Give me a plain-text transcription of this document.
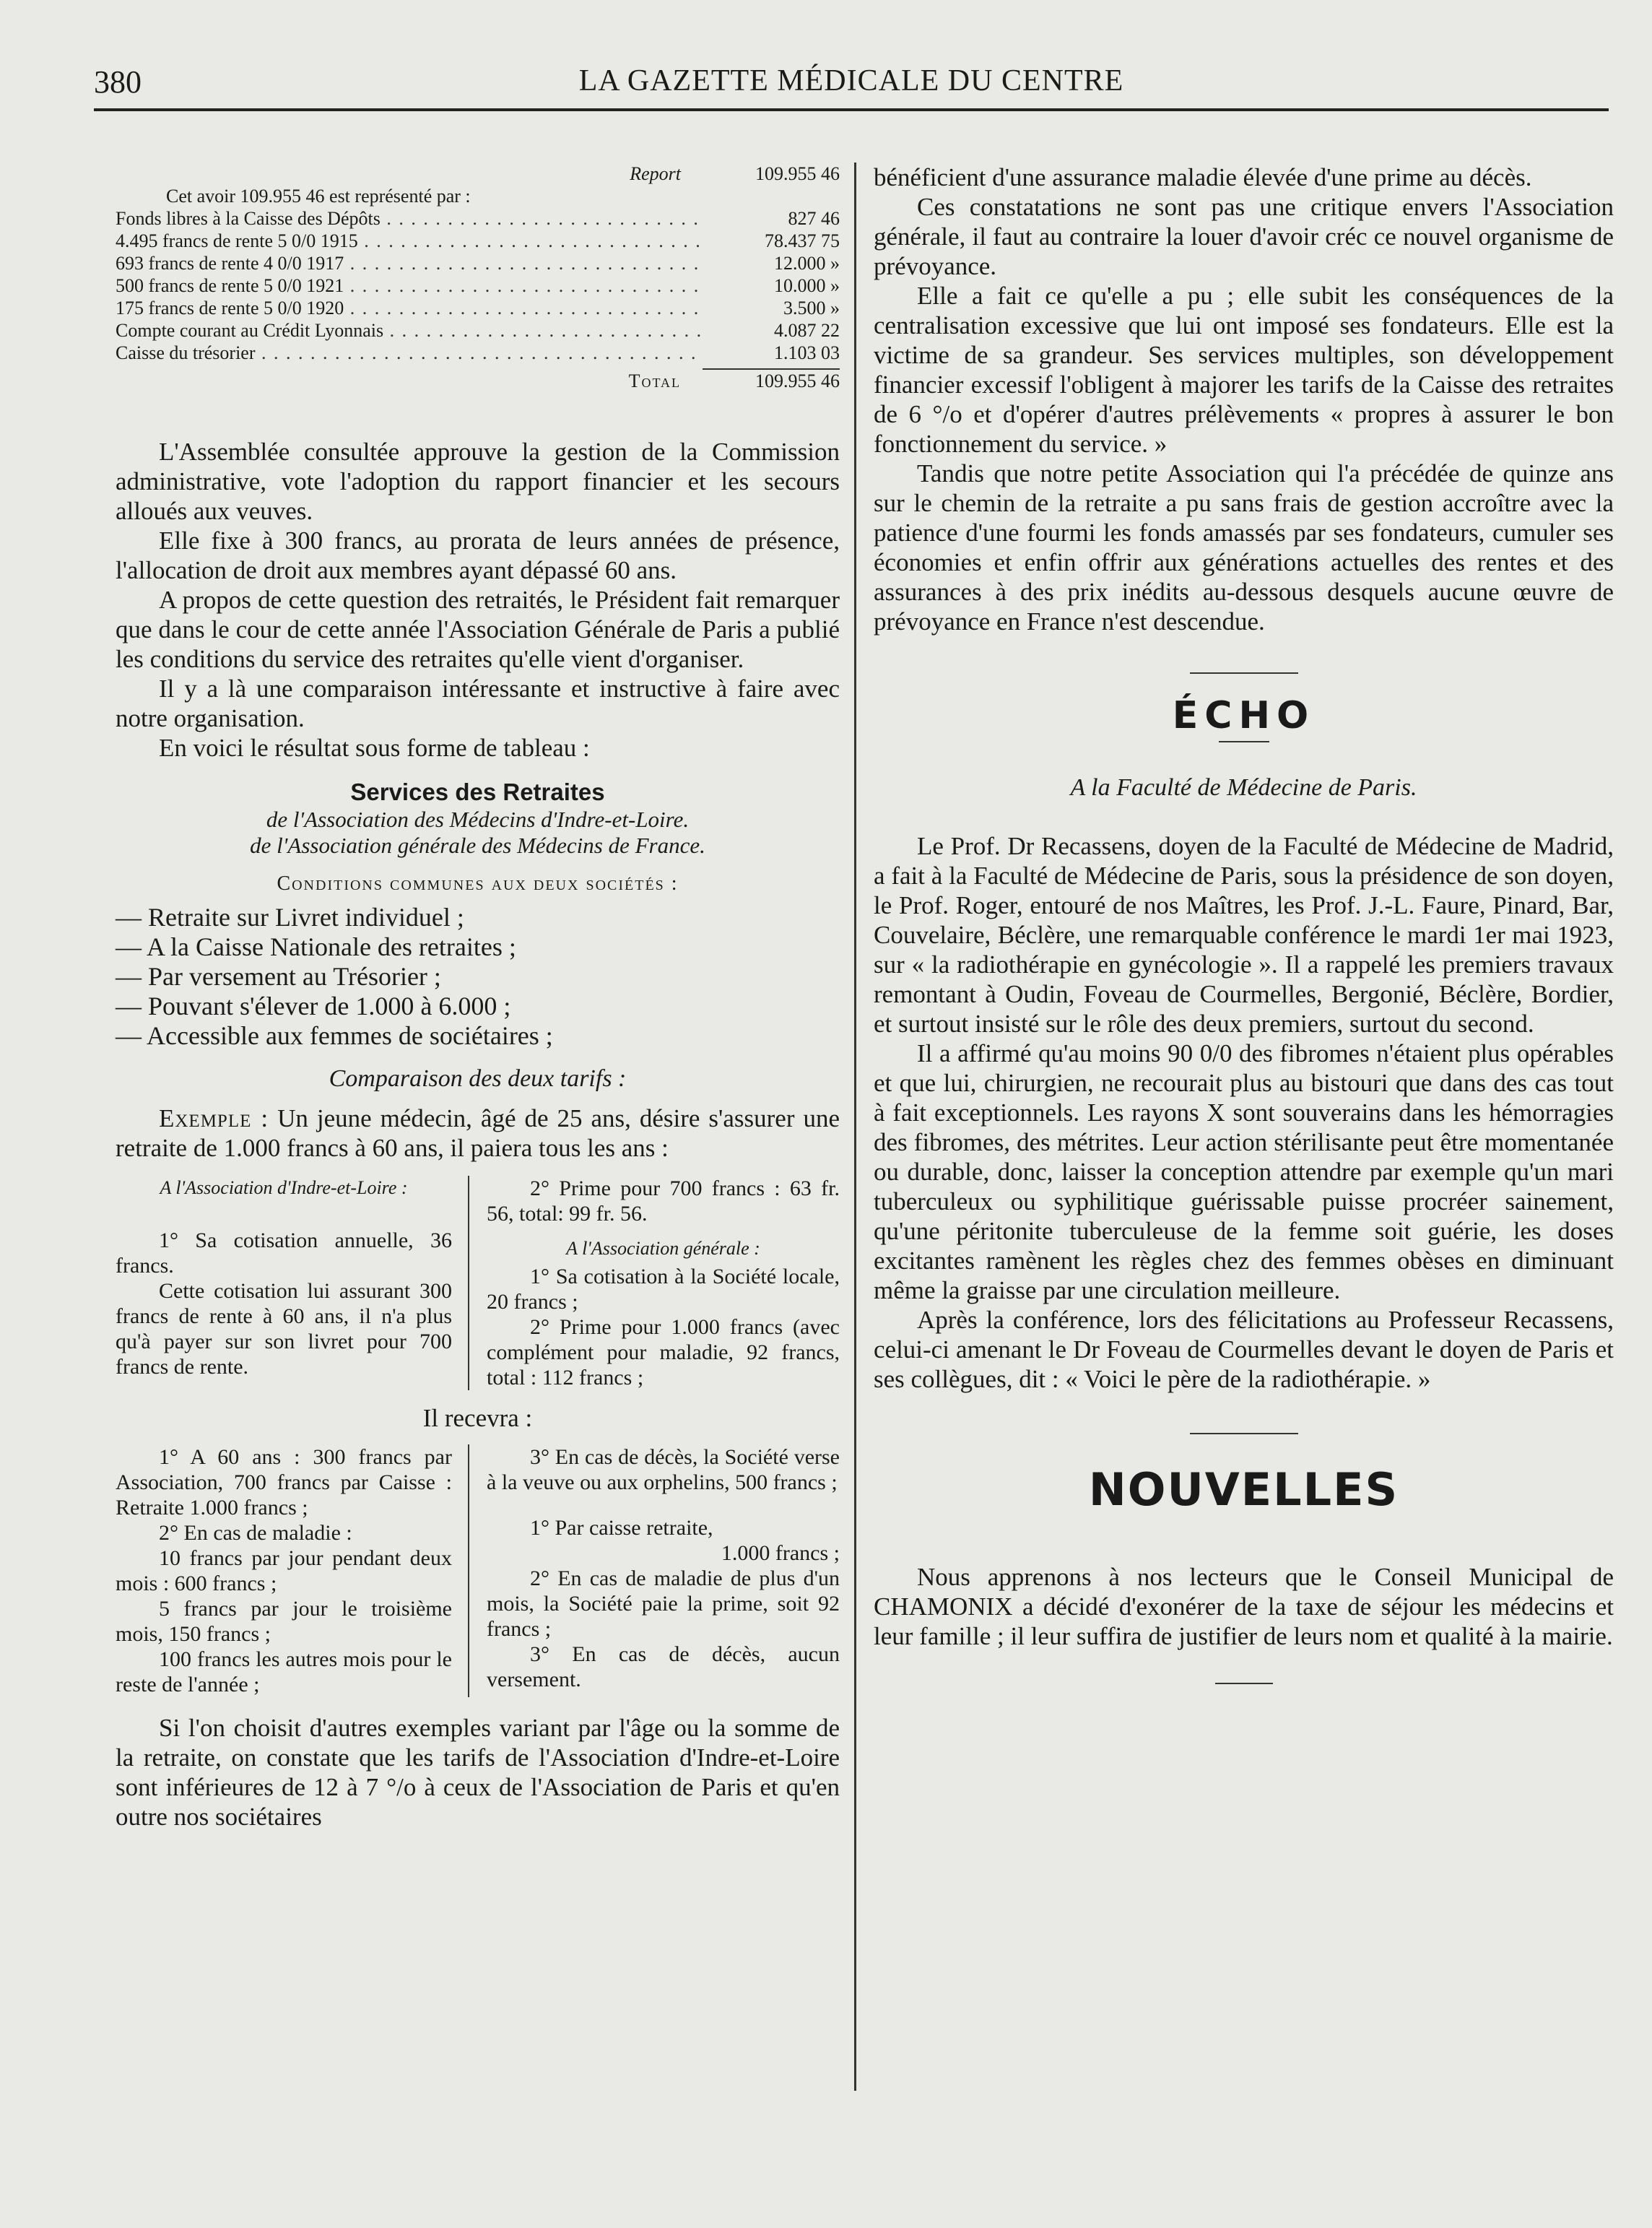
380	LA GAZETTE MÉDICALE DU CENTRE
Report	109.955 46
Cet avoir 109.955 46 est représenté par :
Fonds libres à la Caisse des Dépôts . . .	827 46
4.495 francs de rente 5 0/0 1915 . . .	78.437 75
693 francs de rente 4 0/0 1917 . . .	12.000 »
500 francs de rente 5 0/0 1921 . . .	10.000 »
175 francs de rente 5 0/0 1920 . . .	3.500 »
Compte courant au Crédit Lyonnais . . .	4.087 22
Caisse du trésorier . . .	1.103 03
Total	109.955 46

L'Assemblée consultée approuve la gestion de la Commission administrative, vote l'adoption du rapport financier et les secours alloués aux veuves.

Elle fixe à 300 francs, au prorata de leurs années de présence, l'allocation de droit aux membres ayant dépassé 60 ans.

A propos de cette question des retraités, le Président fait remarquer que dans le cour de cette année l'Association Générale de Paris a publié les conditions du service des retraites qu'elle vient d'organiser.

Il y a là une comparaison intéressante et instructive à faire avec notre organisation.

En voici le résultat sous forme de tableau :

Services des Retraites
de l'Association des Médecins d'Indre-et-Loire.
de l'Association générale des Médecins de France.
Conditions communes aux deux sociétés :
— Retraite sur Livret individuel ;
— A la Caisse Nationale des retraites ;
— Par versement au Trésorier ;
— Pouvant s'élever de 1.000 à 6.000 ;
— Accessible aux femmes de sociétaires ;
Comparaison des deux tarifs :

Exemple : Un jeune médecin, âgé de 25 ans, désire s'assurer une retraite de 1.000 francs à 60 ans, il paiera tous les ans :

A l'Association d'Indre-et-Loire :

1° Sa cotisation annuelle, 36 francs.

Cette cotisation lui assurant 300 francs de rente à 60 ans, il n'a plus qu'à payer sur son livret pour 700 francs de rente.

2° Prime pour 700 francs : 63 fr. 56, total: 99 fr. 56.

A l'Association générale :

1° Sa cotisation à la Société locale, 20 francs ;

2° Prime pour 1.000 francs (avec complément pour maladie, 92 francs, total : 112 francs ;

Il recevra :

1° A 60 ans : 300 francs par Association, 700 francs par Caisse : Retraite 1.000 francs ;

2° En cas de maladie :

10 francs par jour pendant deux mois : 600 francs ;

5 francs par jour le troisième mois, 150 francs ;

100 francs les autres mois pour le reste de l'année ;

3° En cas de décès, la Société verse à la veuve ou aux orphelins, 500 francs ;

1° Par caisse retraite,

1.000 francs ;

2° En cas de maladie de plus d'un mois, la Société paie la prime, soit 92 francs ;

3° En cas de décès, aucun versement.

Si l'on choisit d'autres exemples variant par l'âge ou la somme de la retraite, on constate que les tarifs de l'Association d'Indre-et-Loire sont inférieures de 12 à 7 °/o à ceux de l'Association de Paris et qu'en outre nos sociétaires

bénéficient d'une assurance maladie élevée d'une prime au décès.

Ces constatations ne sont pas une critique envers l'Association générale, il faut au contraire la louer d'avoir créc ce nouvel organisme de prévoyance.

Elle a fait ce qu'elle a pu ; elle subit les conséquences de la centralisation excessive que lui ont imposé ses fondateurs. Elle est la victime de sa grandeur. Ses services multiples, son développement financier excessif l'obligent à majorer les tarifs de la Caisse des retraites de 6 °/o et d'opérer d'autres prélèvements « propres à assurer le bon fonctionnement du service. »

Tandis que notre petite Association qui l'a précédée de quinze ans sur le chemin de la retraite a pu sans frais de gestion accroître avec la patience d'une fourmi les fonds amassés par ses fondateurs, cumuler ses économies et enfin offrir aux générations actuelles des rentes et des assurances à des prix inédits au-dessous desquels aucune œuvre de prévoyance en France n'est descendue.

ÉCHO
A la Faculté de Médecine de Paris.

Le Prof. Dr Recassens, doyen de la Faculté de Médecine de Madrid, a fait à la Faculté de Médecine de Paris, sous la présidence de son doyen, le Prof. Roger, entouré de nos Maîtres, les Prof. J.-L. Faure, Pinard, Bar, Couvelaire, Béclère, une remarquable conférence le mardi 1er mai 1923, sur « la radiothérapie en gynécologie ». Il a rappelé les premiers travaux remontant à Oudin, Foveau de Courmelles, Bergonié, Béclère, Bordier, et surtout insisté sur le rôle des deux premiers, surtout du second.

Il a affirmé qu'au moins 90 0/0 des fibromes n'étaient plus opérables et que lui, chirurgien, ne recourait plus au bistouri que dans des cas tout à fait exceptionnels. Les rayons X sont souverains dans les hémorragies des fibromes, des métrites. Leur action stérilisante peut être momentanée ou durable, donc, laisser la conception attendre par exemple qu'un mari tuberculeux ou syphilitique guérissable puisse procréer sainement, qu'une péritonite tuberculeuse de la femme soit guérie, les doses excitantes ramènent les règles chez des femmes obèses en diminuant même la graisse par une circulation meilleure.

Après la conférence, lors des félicitations au Professeur Recassens, celui-ci amenant le Dr Foveau de Courmelles devant le doyen de Paris et ses collègues, dit : « Voici le père de la radiothérapie. »

NOUVELLES

Nous apprenons à nos lecteurs que le Conseil Municipal de CHAMONIX a décidé d'exonérer de la taxe de séjour les médecins et leur famille ; il leur suffira de justifier de leurs nom et qualité à la mairie.
